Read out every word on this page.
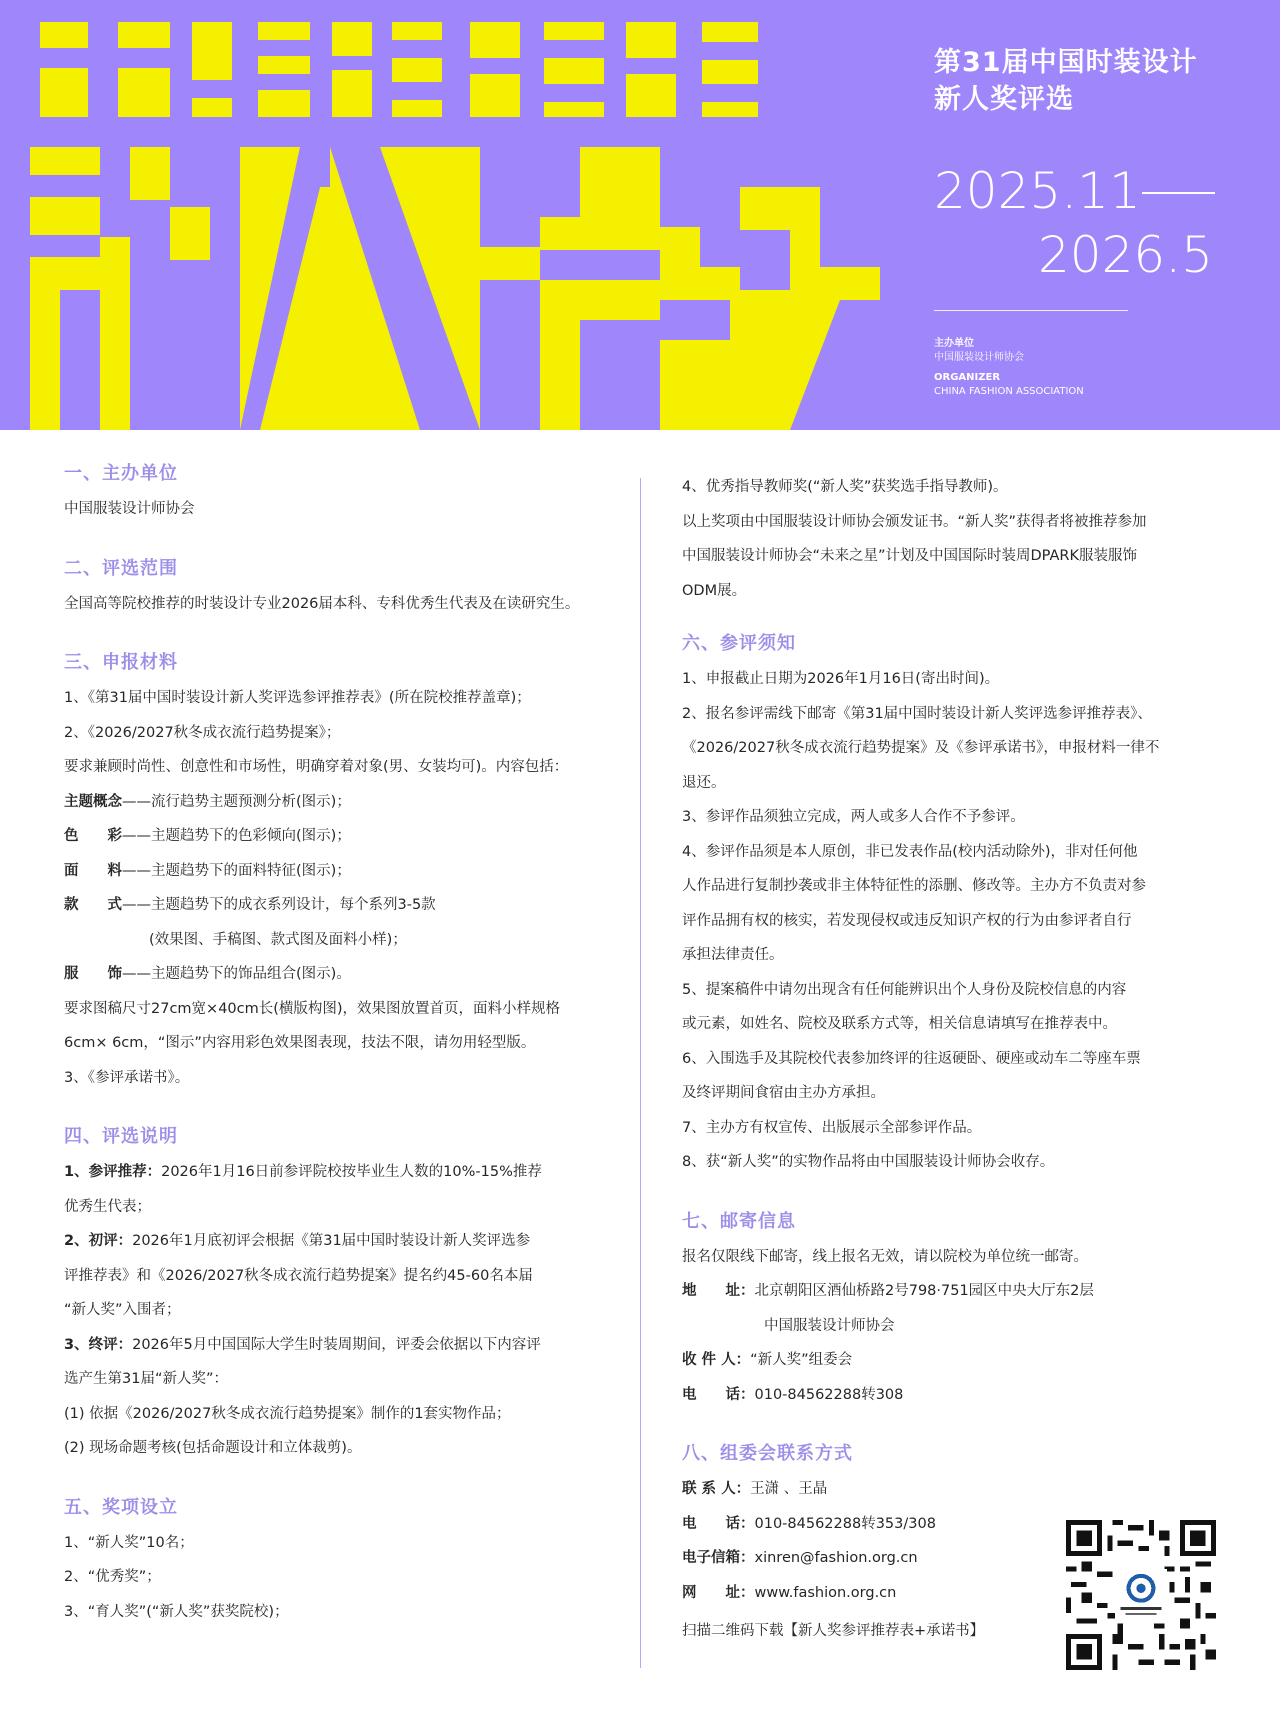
第31届中国时装设计
新人奖评选
2025.11
2026.5
主办单位
中国服装设计师协会
ORGANIZER
CHINA FASHION ASSOCIATION
一、主办单位
中国服装设计师协会
二、评选范围
全国高等院校推荐的时装设计专业2026届本科、专科优秀生代表及在读研究生。
三、申报材料
1、《第31届中国时装设计新人奖评选参评推荐表》(所在院校推荐盖章)；
2、《2026/2027秋冬成衣流行趋势提案》；
要求兼顾时尚性、创意性和市场性，明确穿着对象(男、女装均可)。内容包括：
主题概念——流行趋势主题预测分析(图示)；
色　　彩——主题趋势下的色彩倾向(图示)；
面　　料——主题趋势下的面料特征(图示)；
款　　式——主题趋势下的成衣系列设计，每个系列3-5款
(效果图、手稿图、款式图及面料小样)；
服　　饰——主题趋势下的饰品组合(图示)。
要求图稿尺寸27cm宽×40cm长(横版构图)，效果图放置首页，面料小样规格
6cm× 6cm，“图示”内容用彩色效果图表现，技法不限，请勿用轻型版。
3、《参评承诺书》。
四、评选说明
1、参评推荐：2026年1月16日前参评院校按毕业生人数的10%-15%推荐
优秀生代表；
2、初评：2026年1月底初评会根据《第31届中国时装设计新人奖评选参
评推荐表》和《2026/2027秋冬成衣流行趋势提案》提名约45-60名本届
“新人奖”入围者；
3、终评：2026年5月中国国际大学生时装周期间，评委会依据以下内容评
选产生第31届“新人奖”：
(1) 依据《2026/2027秋冬成衣流行趋势提案》制作的1套实物作品；
(2) 现场命题考核(包括命题设计和立体裁剪)。
五、奖项设立
1、“新人奖”10名；
2、“优秀奖”；
3、“育人奖”(“新人奖”获奖院校)；
4、优秀指导教师奖(“新人奖”获奖选手指导教师)。
以上奖项由中国服装设计师协会颁发证书。“新人奖”获得者将被推荐参加
中国服装设计师协会“未来之星”计划及中国国际时装周DPARK服装服饰
ODM展。
六、参评须知
1、申报截止日期为2026年1月16日(寄出时间)。
2、报名参评需线下邮寄《第31届中国时装设计新人奖评选参评推荐表》、
《2026/2027秋冬成衣流行趋势提案》及《参评承诺书》，申报材料一律不
退还。
3、参评作品须独立完成，两人或多人合作不予参评。
4、参评作品须是本人原创，非已发表作品(校内活动除外)，非对任何他
人作品进行复制抄袭或非主体特征性的添删、修改等。主办方不负责对参
评作品拥有权的核实，若发现侵权或违反知识产权的行为由参评者自行
承担法律责任。
5、提案稿件中请勿出现含有任何能辨识出个人身份及院校信息的内容
或元素，如姓名、院校及联系方式等，相关信息请填写在推荐表中。
6、入围选手及其院校代表参加终评的往返硬卧、硬座或动车二等座车票
及终评期间食宿由主办方承担。
7、主办方有权宣传、出版展示全部参评作品。
8、获“新人奖”的实物作品将由中国服装设计师协会收存。
七、邮寄信息
报名仅限线下邮寄，线上报名无效，请以院校为单位统一邮寄。
地　　址：北京朝阳区酒仙桥路2号798·751园区中央大厅东2层
中国服装设计师协会
收 件 人：“新人奖”组委会
电　　话：010-84562288转308
八、组委会联系方式
联 系 人：王潇 、王晶
电　　话：010-84562288转353/308
电子信箱：xinren@fashion.org.cn
网　　址：www.fashion.org.cn
扫描二维码下载【新人奖参评推荐表+承诺书】
